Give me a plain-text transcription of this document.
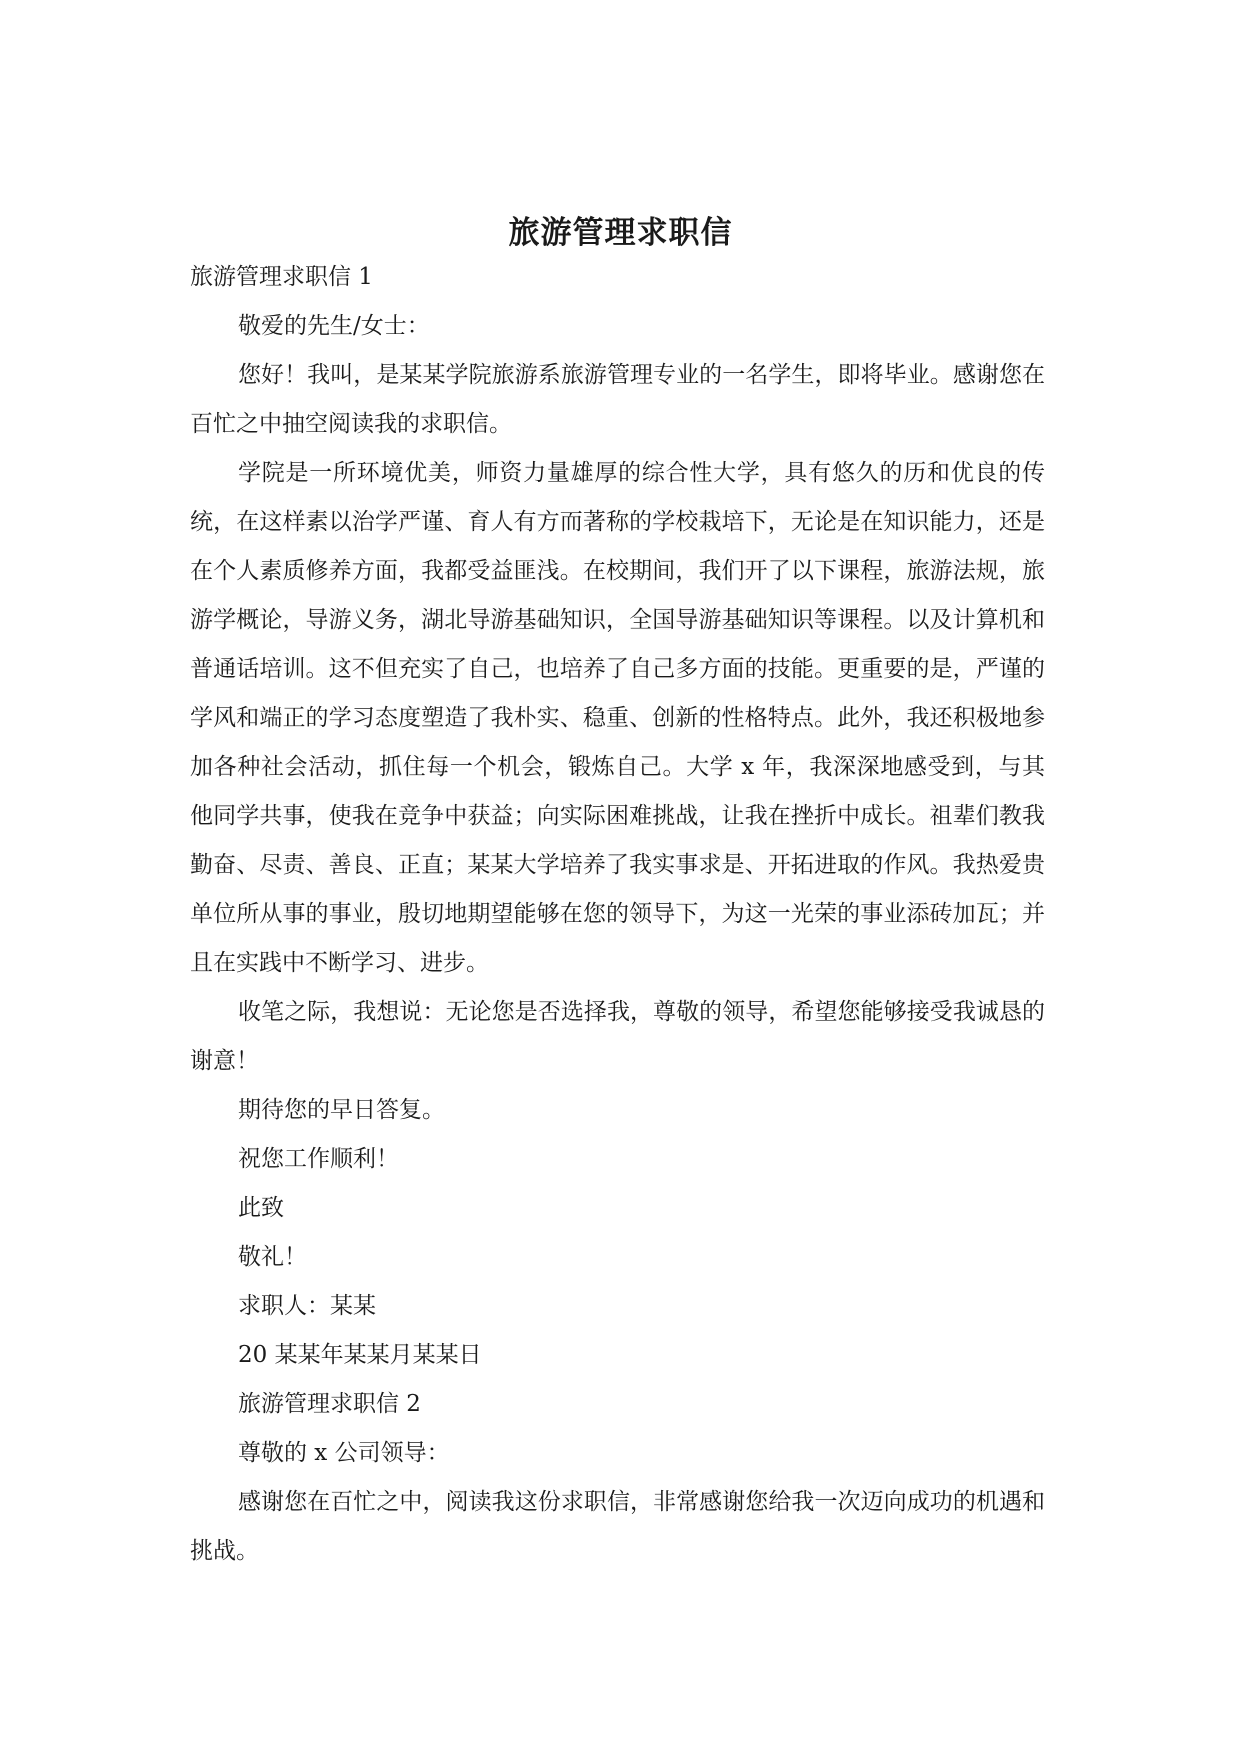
旅游管理求职信

旅游管理求职信 1

敬爱的先生/女士：

您好！我叫，是某某学院旅游系旅游管理专业的一名学生，即将毕业。感谢您在百忙之中抽空阅读我的求职信。

学院是一所环境优美，师资力量雄厚的综合性大学，具有悠久的历和优良的传统，在这样素以治学严谨、育人有方而著称的学校栽培下，无论是在知识能力，还是在个人素质修养方面，我都受益匪浅。在校期间，我们开了以下课程，旅游法规，旅游学概论，导游义务，湖北导游基础知识，全国导游基础知识等课程。以及计算机和普通话培训。这不但充实了自己，也培养了自己多方面的技能。更重要的是，严谨的学风和端正的学习态度塑造了我朴实、稳重、创新的性格特点。此外，我还积极地参加各种社会活动，抓住每一个机会，锻炼自己。大学 x 年，我深深地感受到，与其他同学共事，使我在竞争中获益；向实际困难挑战，让我在挫折中成长。祖辈们教我勤奋、尽责、善良、正直；某某大学培养了我实事求是、开拓进取的作风。我热爱贵单位所从事的事业，殷切地期望能够在您的领导下，为这一光荣的事业添砖加瓦；并且在实践中不断学习、进步。

收笔之际，我想说：无论您是否选择我，尊敬的领导，希望您能够接受我诚恳的谢意！

期待您的早日答复。

祝您工作顺利！

此致

敬礼！

求职人：某某

20 某某年某某月某某日

旅游管理求职信 2

尊敬的 x 公司领导：

感谢您在百忙之中，阅读我这份求职信，非常感谢您给我一次迈向成功的机遇和挑战。
